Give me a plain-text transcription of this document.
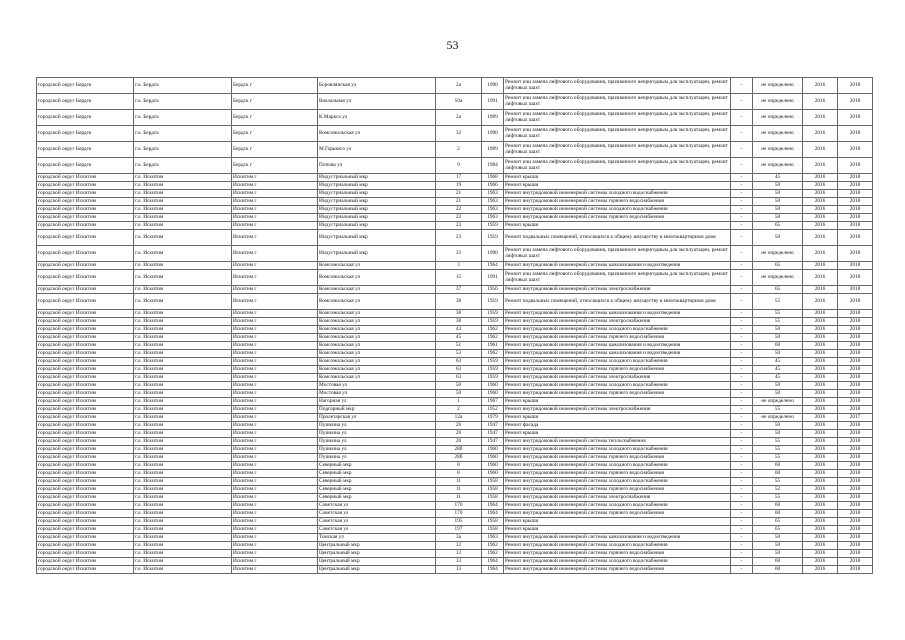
53
городской округ Бердск	г.о. Бердск	Бердск г	Боровлянская ул	2а	1990	Ремонт или замена лифтового оборудования, признанного непригодным для эксплуатации, ремонт лифтовых шахт	-	не определено	2016	2018
городской округ Бердск	г.о. Бердск	Бердск г	Вокзальная ул	50а	1991	Ремонт или замена лифтового оборудования, признанного непригодным для эксплуатации, ремонт лифтовых шахт	-	не определено	2016	2018
городской округ Бердск	г.о. Бердск	Бердск г	К.Маркса ул	2а	1989	Ремонт или замена лифтового оборудования, признанного непригодным для эксплуатации, ремонт лифтовых шахт	-	не определено	2016	2018
городской округ Бердск	г.о. Бердск	Бердск г	Комсомольская ул	32	1990	Ремонт или замена лифтового оборудования, признанного непригодным для эксплуатации, ремонт лифтовых шахт	-	не определено	2016	2018
городской округ Бердск	г.о. Бердск	Бердск г	М.Горького ул	2	1989	Ремонт или замена лифтового оборудования, признанного непригодным для эксплуатации, ремонт лифтовых шахт	-	не определено	2016	2018
городской округ Бердск	г.о. Бердск	Бердск г	Попова ул	9	1984	Ремонт или замена лифтового оборудования, признанного непригодным для эксплуатации, ремонт лифтовых шахт	-	не определено	2016	2018
городской округ Искитим	г.о. Искитим	Искитим г	Индустриальный мкр	17	1968	Ремонт крыши	-	45	2016	2018
городской округ Искитим	г.о. Искитим	Искитим г	Индустриальный мкр	19	1966	Ремонт крыши	-	50	2016	2018
городской округ Искитим	г.о. Искитим	Искитим г	Индустриальный мкр	21	1963	Ремонт внутридомовой инженерной системы холодного водоснабжения	-	50	2016	2018
городской округ Искитим	г.о. Искитим	Искитим г	Индустриальный мкр	21	1963	Ремонт внутридомовой инженерной системы горячего водоснабжения	-	50	2016	2018
городской округ Искитим	г.о. Искитим	Искитим г	Индустриальный мкр	22	1963	Ремонт внутридомовой инженерной системы холодного водоснабжения	-	50	2016	2018
городской округ Искитим	г.о. Искитим	Искитим г	Индустриальный мкр	22	1963	Ремонт внутридомовой инженерной системы горячего водоснабжения	-	50	2016	2018
городской округ Искитим	г.о. Искитим	Искитим г	Индустриальный мкр	23	1959	Ремонт крыши	-	65	2016	2018
городской округ Искитим	г.о. Искитим	Искитим г	Индустриальный мкр	23	1959	Ремонт подвальных помещений, относящихся к общему имуществу в многоквартирном доме	-	50	2016	2018
городской округ Искитим	г.о. Искитим	Искитим г	Индустриальный мкр	33	1990	Ремонт или замена лифтового оборудования, признанного непригодным для эксплуатации, ремонт лифтовых шахт	-	не определено	2016	2018
городской округ Искитим	г.о. Искитим	Искитим г	Комсомольская ул	3	1964	Ремонт внутридомовой инженерной системы канализования и водоотведения	-	65	2016	2018
городской округ Искитим	г.о. Искитим	Искитим г	Комсомольская ул	15	1991	Ремонт или замена лифтового оборудования, признанного непригодным для эксплуатации, ремонт лифтовых шахт	-	не определено	2016	2018
городской округ Искитим	г.о. Искитим	Искитим г	Комсомольская ул	37	1956	Ремонт внутридомовой инженерной системы электроснабжения	-	65	2016	2018
городской округ Искитим	г.о. Искитим	Искитим г	Комсомольская ул	38	1959	Ремонт подвальных помещений, относящихся к общему имуществу в многоквартирном доме	-	55	2016	2018
городской округ Искитим	г.о. Искитим	Искитим г	Комсомольская ул	38	1959	Ремонт внутридомовой инженерной системы канализования и водоотведения	-	55	2016	2018
городской округ Искитим	г.о. Искитим	Искитим г	Комсомольская ул	38	1959	Ремонт внутридомовой инженерной системы электроснабжения	-	55	2016	2018
городской округ Искитим	г.о. Искитим	Искитим г	Комсомольская ул	43	1962	Ремонт внутридомовой инженерной системы холодного водоснабжения	-	50	2016	2018
городской округ Искитим	г.о. Искитим	Искитим г	Комсомольская ул	45	1962	Ремонт внутридомовой инженерной системы горячего водоснабжения	-	50	2016	2018
городской округ Искитим	г.о. Искитим	Искитим г	Комсомольская ул	51	1961	Ремонт внутридомовой инженерной системы канализования и водоотведения	-	60	2016	2018
городской округ Искитим	г.о. Искитим	Искитим г	Комсомольская ул	53	1962	Ремонт внутридомовой инженерной системы канализования и водоотведения	-	50	2016	2018
городской округ Искитим	г.о. Искитим	Искитим г	Комсомольская ул	63	1959	Ремонт внутридомовой инженерной системы холодного водоснабжения	-	45	2016	2018
городской округ Искитим	г.о. Искитим	Искитим г	Комсомольская ул	63	1959	Ремонт внутридомовой инженерной системы горячего водоснабжения	-	45	2016	2018
городской округ Искитим	г.о. Искитим	Искитим г	Комсомольская ул	63	1959	Ремонт внутридомовой инженерной системы электроснабжения	-	45	2016	2018
городской округ Искитим	г.о. Искитим	Искитим г	Мостовая ул	50	1960	Ремонт внутридомовой инженерной системы холодного водоснабжения	-	50	2016	2018
городской округ Искитим	г.о. Искитим	Искитим г	Мостовая ул	50	1960	Ремонт внутридомовой инженерной системы горячего водоснабжения	-	50	2016	2018
городской округ Искитим	г.о. Искитим	Искитим г	Нагорная ул	1	1967	Ремонт крыши	-	не определено	2016	2018
городской округ Искитим	г.о. Искитим	Искитим г	Подгорный мкр	2	1952	Ремонт внутридомовой инженерной системы электроснабжения	-	55	2016	2018
городской округ Искитим	г.о. Искитим	Искитим г	Пролетарская ул	12а	1979	Ремонт крыши	-	не определено	2016	2017
городской округ Искитим	г.о. Искитим	Искитим г	Пушкина ул	26	1947	Ремонт фасада	-	50	2016	2018
городской округ Искитим	г.о. Искитим	Искитим г	Пушкина ул	26	1947	Ремонт крыши	-	50	2016	2018
городской округ Искитим	г.о. Искитим	Искитим г	Пушкина ул	26	1947	Ремонт внутридомовой инженерной системы теплоснабжения	-	55	2016	2018
городской округ Искитим	г.о. Искитим	Искитим г	Пушкина ул	28б	1960	Ремонт внутридомовой инженерной системы холодного водоснабжения	-	55	2016	2018
городской округ Искитим	г.о. Искитим	Искитим г	Пушкина ул	28б	1960	Ремонт внутридомовой инженерной системы горячего водоснабжения	-	55	2016	2018
городской округ Искитим	г.о. Искитим	Искитим г	Северный мкр	8	1960	Ремонт внутридомовой инженерной системы холодного водоснабжения	-	60	2016	2018
городской округ Искитим	г.о. Искитим	Искитим г	Северный мкр	8	1960	Ремонт внутридомовой инженерной системы горячего водоснабжения	-	60	2016	2018
городской округ Искитим	г.о. Искитим	Искитим г	Северный мкр	11	1958	Ремонт внутридомовой инженерной системы холодного водоснабжения	-	55	2016	2018
городской округ Искитим	г.о. Искитим	Искитим г	Северный мкр	11	1958	Ремонт внутридомовой инженерной системы горячего водоснабжения	-	52	2016	2018
городской округ Искитим	г.о. Искитим	Искитим г	Северный мкр	11	1958	Ремонт внутридомовой инженерной системы электроснабжения	-	55	2016	2018
городской округ Искитим	г.о. Искитим	Искитим г	Советская ул	170	1964	Ремонт внутридомовой инженерной системы холодного водоснабжения	-	60	2016	2018
городской округ Искитим	г.о. Искитим	Искитим г	Советская ул	170	1964	Ремонт внутридомовой инженерной системы горячего водоснабжения	-	60	2016	2018
городской округ Искитим	г.о. Искитим	Искитим г	Советская ул	195	1958	Ремонт крыши	-	65	2016	2018
городской округ Искитим	г.о. Искитим	Искитим г	Советская ул	197	1958	Ремонт крыши	-	65	2016	2018
городской округ Искитим	г.о. Искитим	Искитим г	Томская ул	3а	1963	Ремонт внутридомовой инженерной системы канализования и водоотведения	-	50	2016	2018
городской округ Искитим	г.о. Искитим	Искитим г	Центральный мкр	12	1962	Ремонт внутридомовой инженерной системы холодного водоснабжения	-	50	2016	2018
городской округ Искитим	г.о. Искитим	Искитим г	Центральный мкр	12	1962	Ремонт внутридомовой инженерной системы горячего водоснабжения	-	50	2016	2018
городской округ Искитим	г.о. Искитим	Искитим г	Центральный мкр	13	1964	Ремонт внутридомовой инженерной системы холодного водоснабжения	-	60	2016	2018
городской округ Искитим	г.о. Искитим	Искитим г	Центральный мкр	13	1964	Ремонт внутридомовой инженерной системы горячего водоснабжения	-	60	2016	2018
